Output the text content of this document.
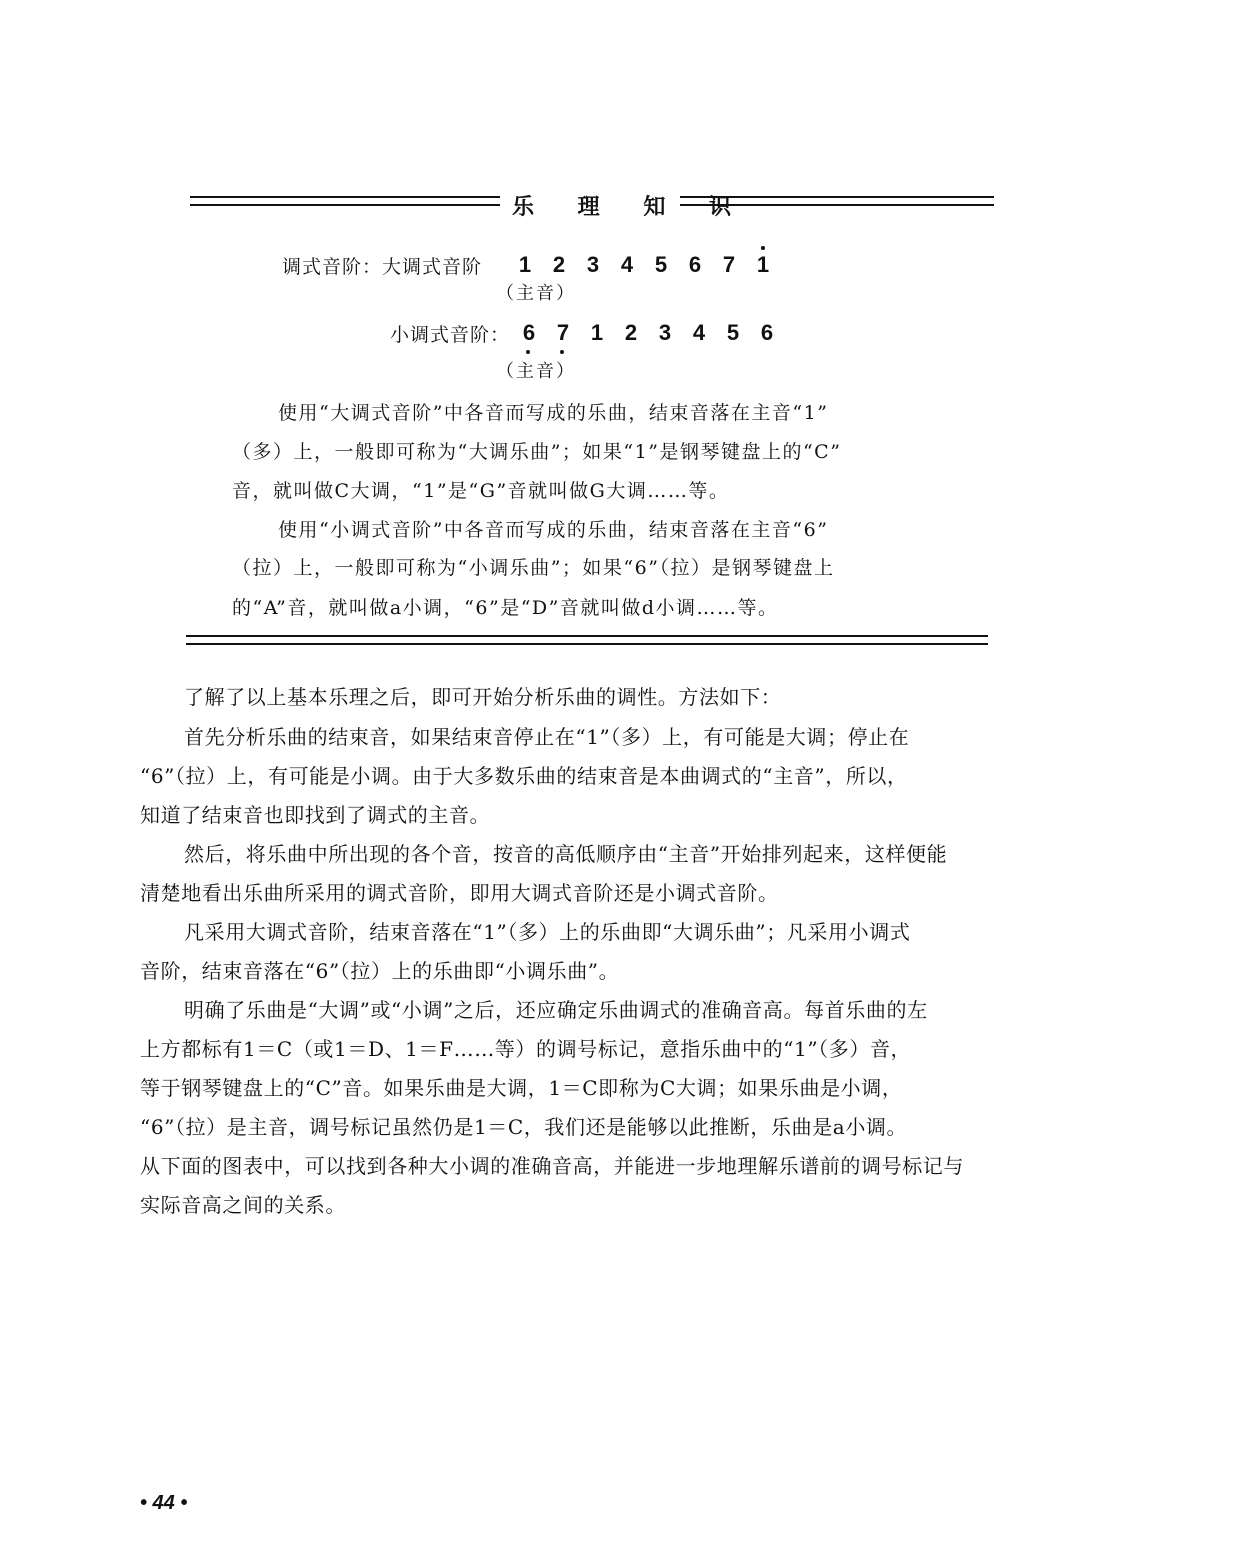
乐 理 知 识
调式音阶：大调式音阶	1 2 3 4 5 6 7 1
（主音）
小调式音阶： 6 7 1 2 3 4 5 6
（主音）
使用“大调式音阶”中各音而写成的乐曲，结束音落在主音“1”
（多）上，一般即可称为“大调乐曲”；如果“1”是钢琴键盘上的“C”
音，就叫做C大调，“1”是“G”音就叫做G大调……等。
使用“小调式音阶”中各音而写成的乐曲，结束音落在主音“6”
（拉）上，一般即可称为“小调乐曲”；如果“6”（拉）是钢琴键盘上
的“A”音，就叫做a小调，“6”是“D”音就叫做d小调……等。
了解了以上基本乐理之后，即可开始分析乐曲的调性。方法如下：
首先分析乐曲的结束音，如果结束音停止在“1”（多）上，有可能是大调；停止在
“6”（拉）上，有可能是小调。由于大多数乐曲的结束音是本曲调式的“主音”，所以，
知道了结束音也即找到了调式的主音。
然后，将乐曲中所出现的各个音，按音的高低顺序由“主音”开始排列起来，这样便能
清楚地看出乐曲所采用的调式音阶，即用大调式音阶还是小调式音阶。
凡采用大调式音阶，结束音落在“1”（多）上的乐曲即“大调乐曲”；凡采用小调式
音阶，结束音落在“6”（拉）上的乐曲即“小调乐曲”。
明确了乐曲是“大调”或“小调”之后，还应确定乐曲调式的准确音高。每首乐曲的左
上方都标有1＝C（或1＝D、1＝F……等）的调号标记，意指乐曲中的“1”（多）音，
等于钢琴键盘上的“C”音。如果乐曲是大调，1＝C即称为C大调；如果乐曲是小调，
“6”（拉）是主音，调号标记虽然仍是1＝C，我们还是能够以此推断，乐曲是a小调。
从下面的图表中，可以找到各种大小调的准确音高，并能进一步地理解乐谱前的调号标记与
实际音高之间的关系。
• 44 •
